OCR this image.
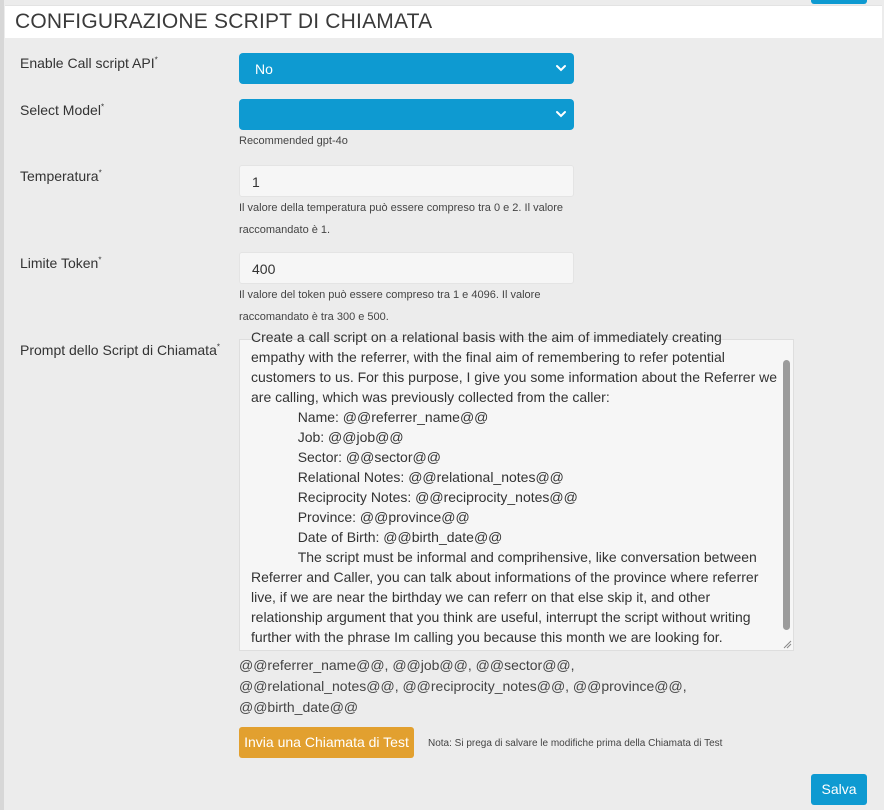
CONFIGURAZIONE SCRIPT DI CHIAMATA
Enable Call script API*
No
Select Model*
Recommended gpt-4o
Temperatura*
1
Il valore della temperatura può essere compreso tra 0 e 2. Il valore raccomandato è 1.
Limite Token*
400
Il valore del token può essere compreso tra 1 e 4096. Il valore raccomandato è tra 300 e 500.
Prompt dello Script di Chiamata*
Create a call script on a relational basis with the aim of immediately creating empathy with the referrer, with the final aim of remembering to refer potential customers to us. For this purpose, I give you some information about the Referrer we are calling, which was previously collected from the caller:
Name: @@referrer_name@@
Job: @@job@@
Sector: @@sector@@
Relational Notes: @@relational_notes@@
Reciprocity Notes: @@reciprocity_notes@@
Province: @@province@@
Date of Birth: @@birth_date@@
The script must be informal and comprihensive, like conversation between Referrer and Caller, you can talk about informations of the province where referrer live, if we are near the birthday we can referr on that else skip it, and other relationship argument that you think are useful, interrupt the script without writing further with the phrase Im calling you because this month we are looking for.
@@referrer_name@@, @@job@@, @@sector@@, @@relational_notes@@, @@reciprocity_notes@@, @@province@@, @@birth_date@@
Invia una Chiamata di Test	Nota: Si prega di salvare le modifiche prima della Chiamata di Test
Salva
